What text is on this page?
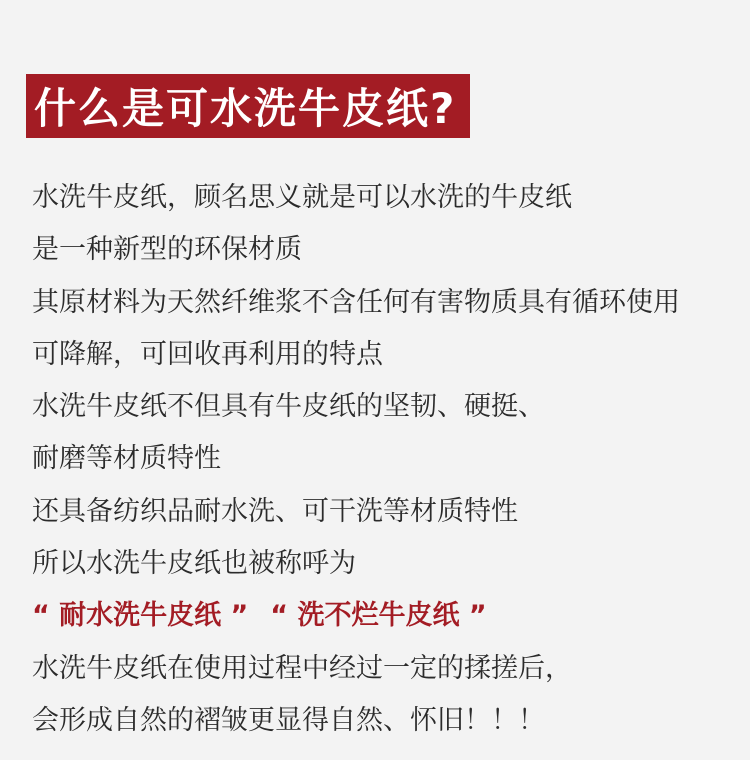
什么是可水洗牛皮纸?
水洗牛皮纸，顾名思义就是可以水洗的牛皮纸
是一种新型的环保材质
其原材料为天然纤维浆不含任何有害物质具有循环使用
可降解，可回收再利用的特点
水洗牛皮纸不但具有牛皮纸的坚韧、硬挺、
耐磨等材质特性
还具备纺织品耐水洗、可干洗等材质特性
所以水洗牛皮纸也被称呼为
“ 耐水洗牛皮纸 ” “ 洗不烂牛皮纸 ”
水洗牛皮纸在使用过程中经过一定的揉搓后，
会形成自然的褶皱更显得自然、怀旧！！！
